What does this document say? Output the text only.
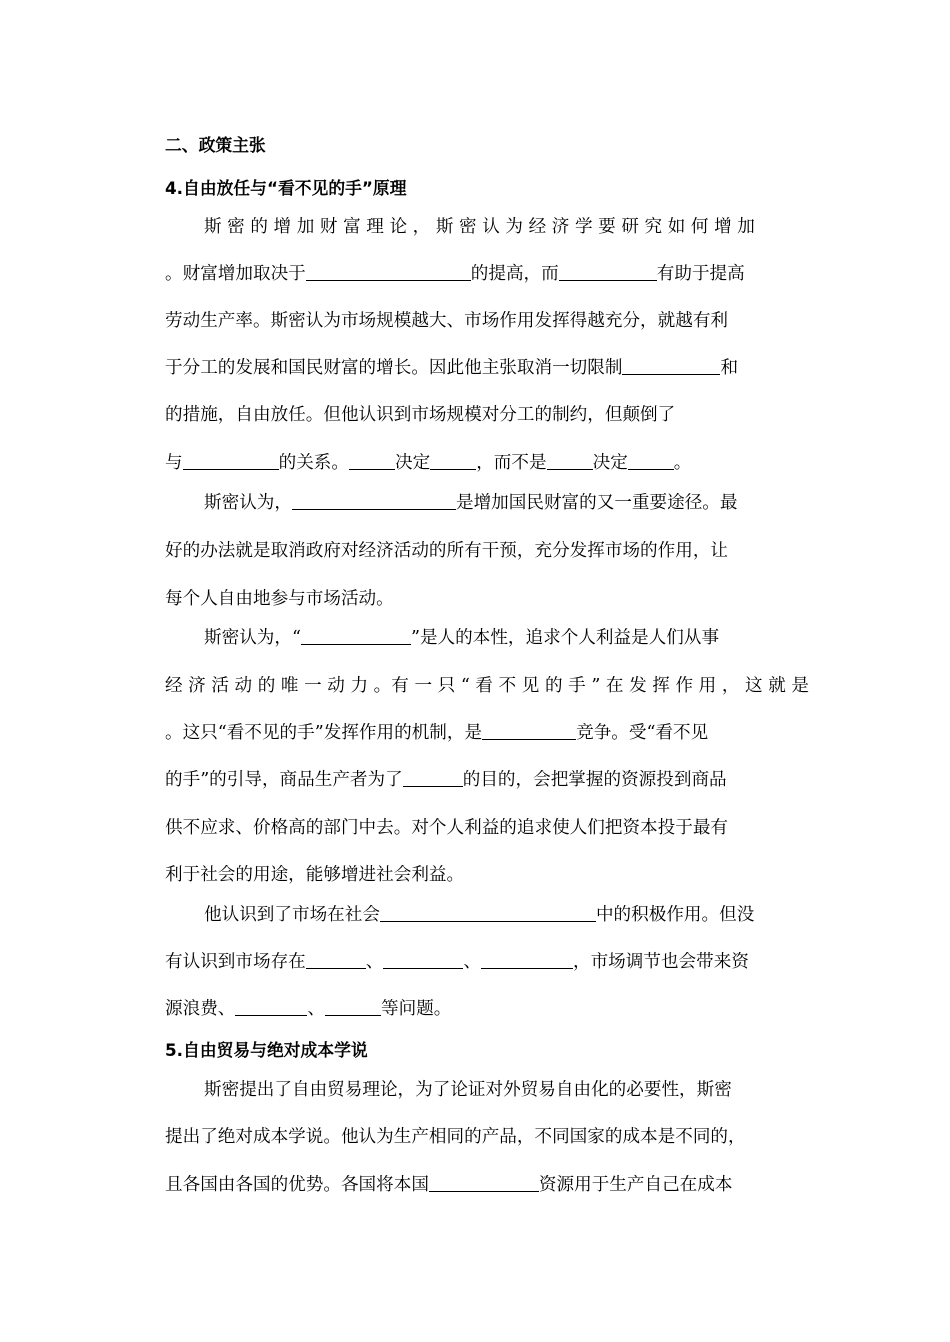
二、政策主张
4.自由放任与“看不见的手”原理
斯 密 的 增 加 财 富 理 论 ， 斯 密 认 为 经 济 学 要 研 究 如 何 增 加
。财富增加取决于	的提高，而	有助于提高
劳动生产率。斯密认为市场规模越大、市场作用发挥得越充分，就越有利
于分工的发展和国民财富的增长。因此他主张取消一切限制	和
的措施，自由放任。但他认识到市场规模对分工的制约，但颠倒了
与	的关系。	决定	，而不是	决定	。
斯密认为，	是增加国民财富的又一重要途径。最
好的办法就是取消政府对经济活动的所有干预，充分发挥市场的作用，让
每个人自由地参与市场活动。
斯密认为，“	”是人的本性，追求个人利益是人们从事
经 济 活 动 的 唯 一 动 力 。有 一 只 “ 看 不 见 的 手 ” 在 发 挥 作 用 ， 这 就 是
。这只“看不见的手”发挥作用的机制，是	竞争。受“看不见
的手”的引导，商品生产者为了	的目的，会把掌握的资源投到商品
供不应求、价格高的部门中去。对个人利益的追求使人们把资本投于最有
利于社会的用途，能够增进社会利益。
他认识到了市场在社会	中的积极作用。但没
有认识到市场存在	、	、	，市场调节也会带来资
源浪费、	、	等问题。
5.自由贸易与绝对成本学说
斯密提出了自由贸易理论，为了论证对外贸易自由化的必要性，斯密
提出了绝对成本学说。他认为生产相同的产品，不同国家的成本是不同的，
且各国由各国的优势。各国将本国	资源用于生产自己在成本
